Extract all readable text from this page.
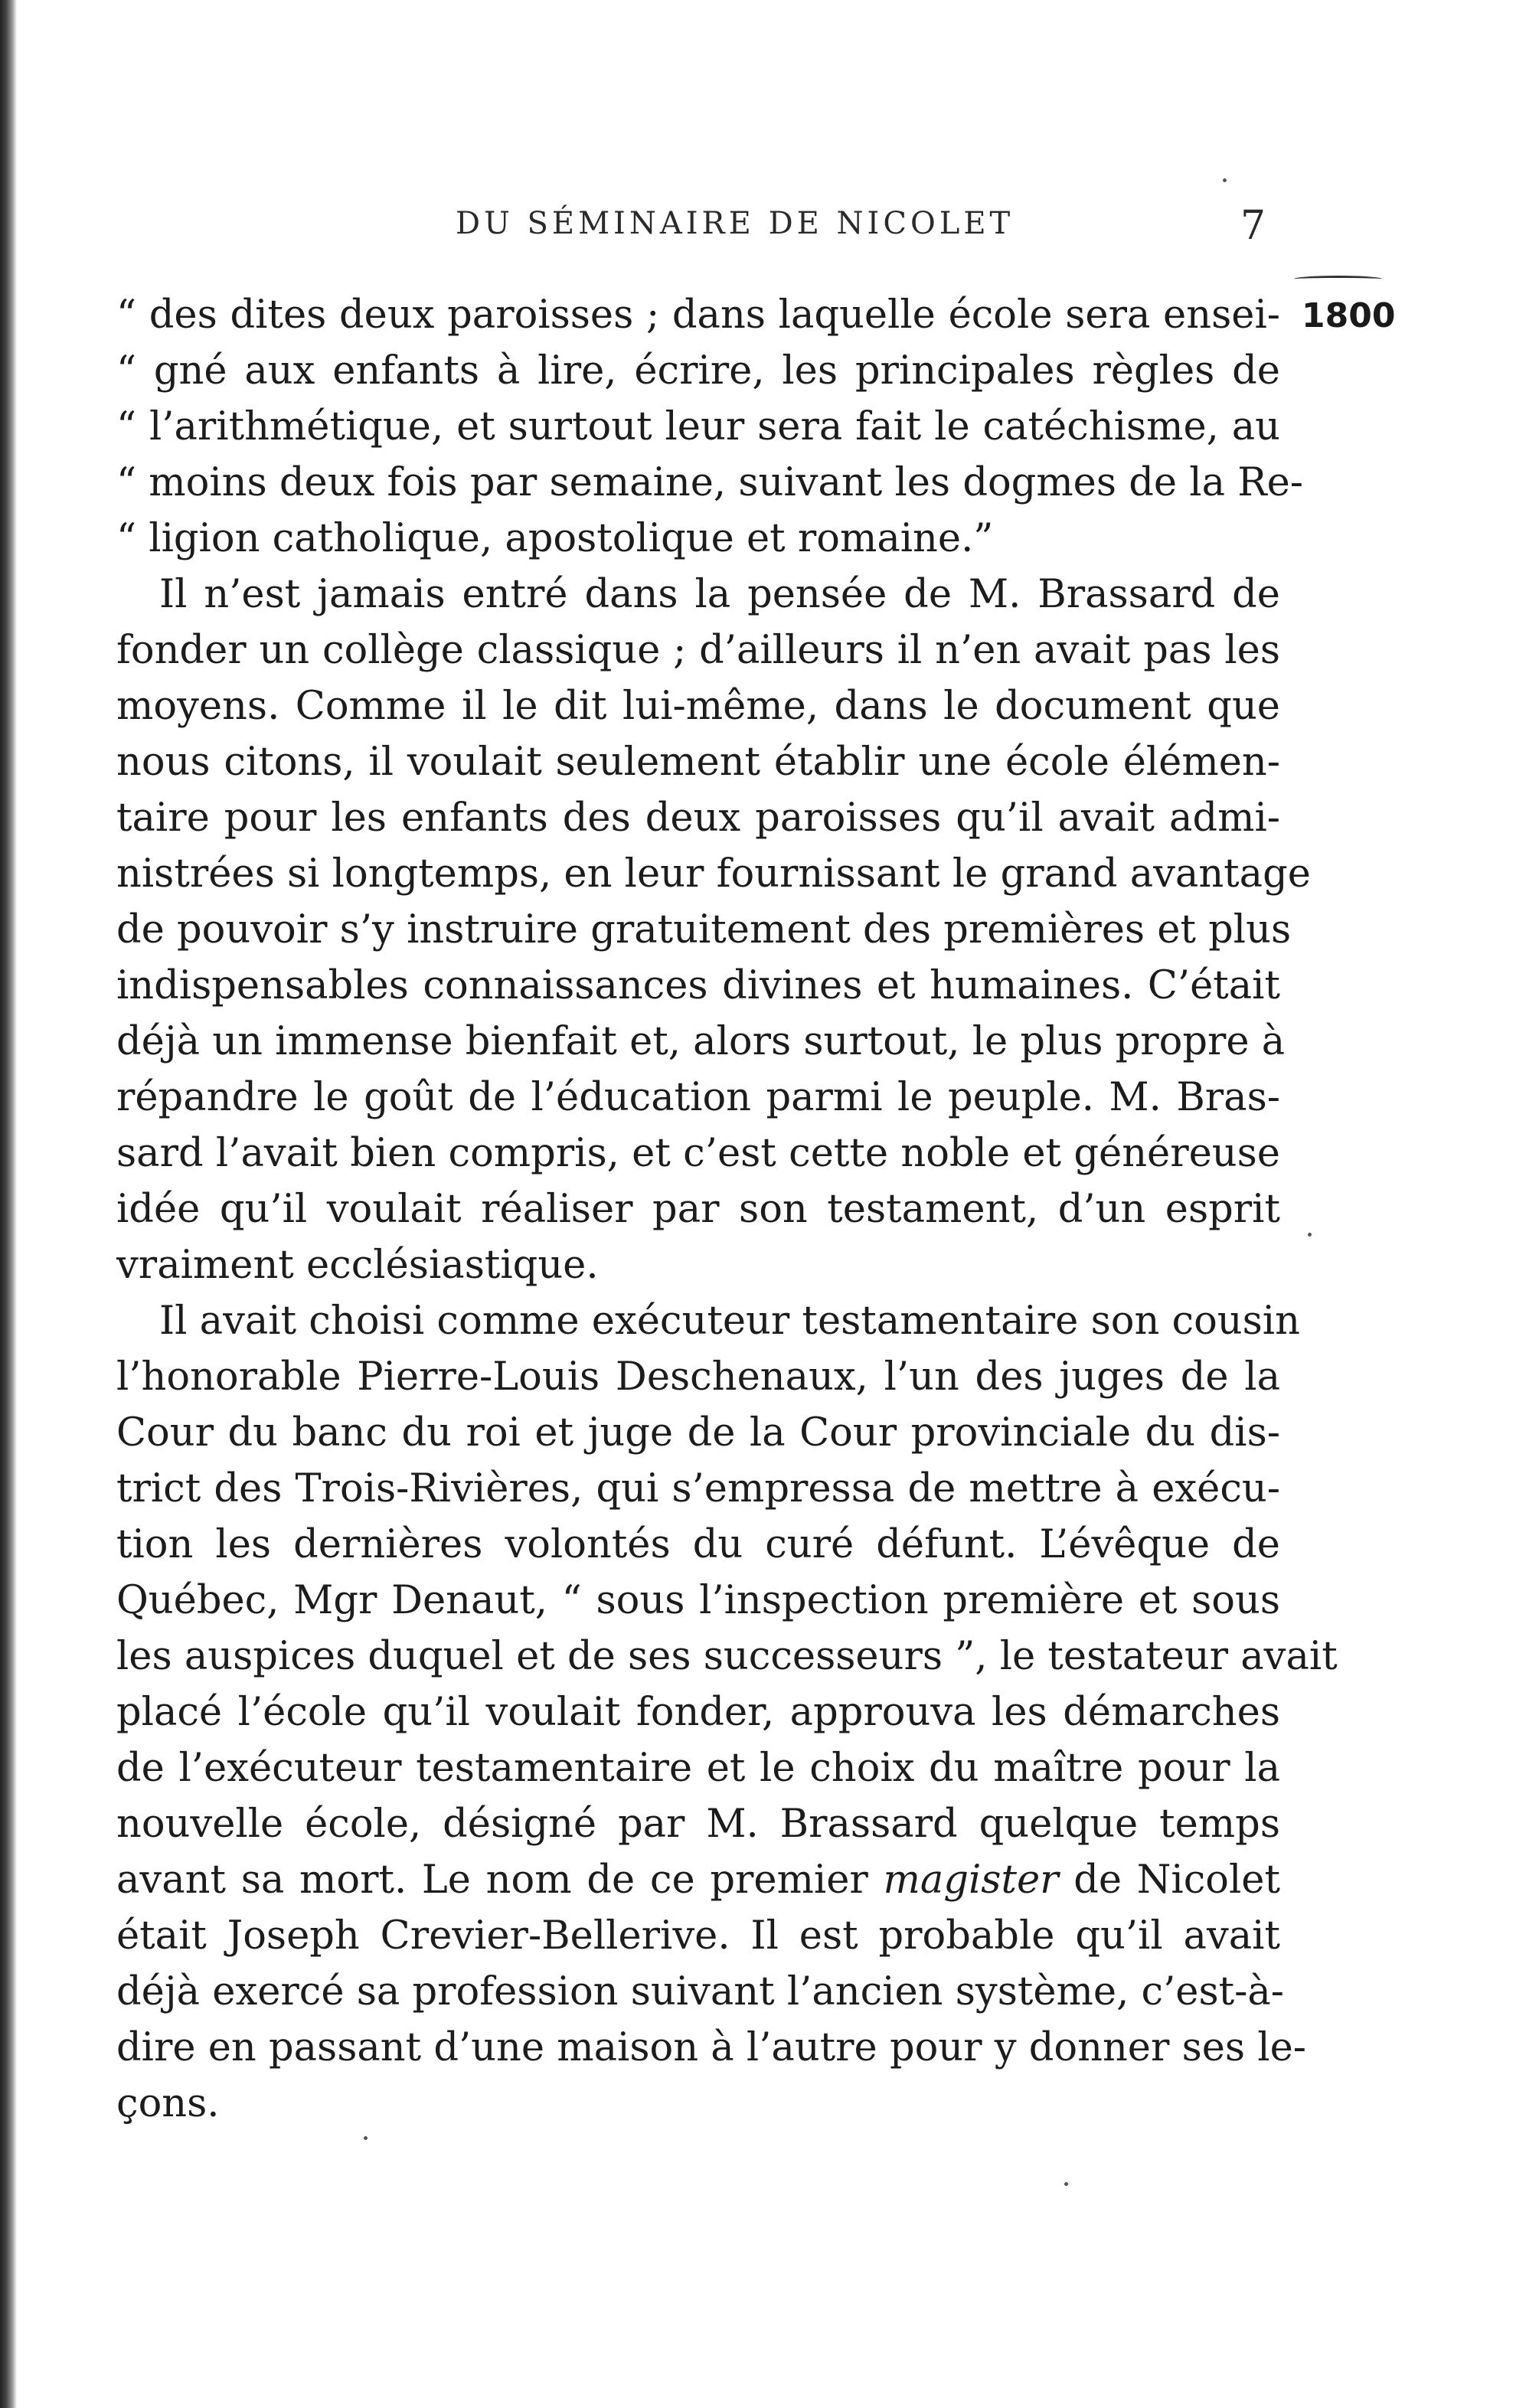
DU SÉMINAIRE DE NICOLET	7
1800
“ des dites deux paroisses ; dans laquelle école sera ensei-
“ gné aux enfants à lire, écrire, les principales règles de
“ l’arithmétique, et surtout leur sera fait le catéchisme, au
“ moins deux fois par semaine, suivant les dogmes de la Re-
“ ligion catholique, apostolique et romaine.”
Il n’est jamais entré dans la pensée de M. Brassard de
fonder un collège classique ; d’ailleurs il n’en avait pas les
moyens. Comme il le dit lui-même, dans le document que
nous citons, il voulait seulement établir une école élémen-
taire pour les enfants des deux paroisses qu’il avait admi-
nistrées si longtemps, en leur fournissant le grand avantage
de pouvoir s’y instruire gratuitement des premières et plus
indispensables connaissances divines et humaines. C’était
déjà un immense bienfait et, alors surtout, le plus propre à
répandre le goût de l’éducation parmi le peuple. M. Bras-
sard l’avait bien compris, et c’est cette noble et généreuse
idée qu’il voulait réaliser par son testament, d’un esprit
vraiment ecclésiastique.
Il avait choisi comme exécuteur testamentaire son cousin
l’honorable Pierre-Louis Deschenaux, l’un des juges de la
Cour du banc du roi et juge de la Cour provinciale du dis-
trict des Trois-Rivières, qui s’empressa de mettre à exécu-
tion les dernières volontés du curé défunt. L’évêque de
Québec, Mgr Denaut, “ sous l’inspection première et sous
les auspices duquel et de ses successeurs ”, le testateur avait
placé l’école qu’il voulait fonder, approuva les démarches
de l’exécuteur testamentaire et le choix du maître pour la
nouvelle école, désigné par M. Brassard quelque temps
avant sa mort. Le nom de ce premier magister de Nicolet
était Joseph Crevier-Bellerive. Il est probable qu’il avait
déjà exercé sa profession suivant l’ancien système, c’est-à-
dire en passant d’une maison à l’autre pour y donner ses le-
çons.
